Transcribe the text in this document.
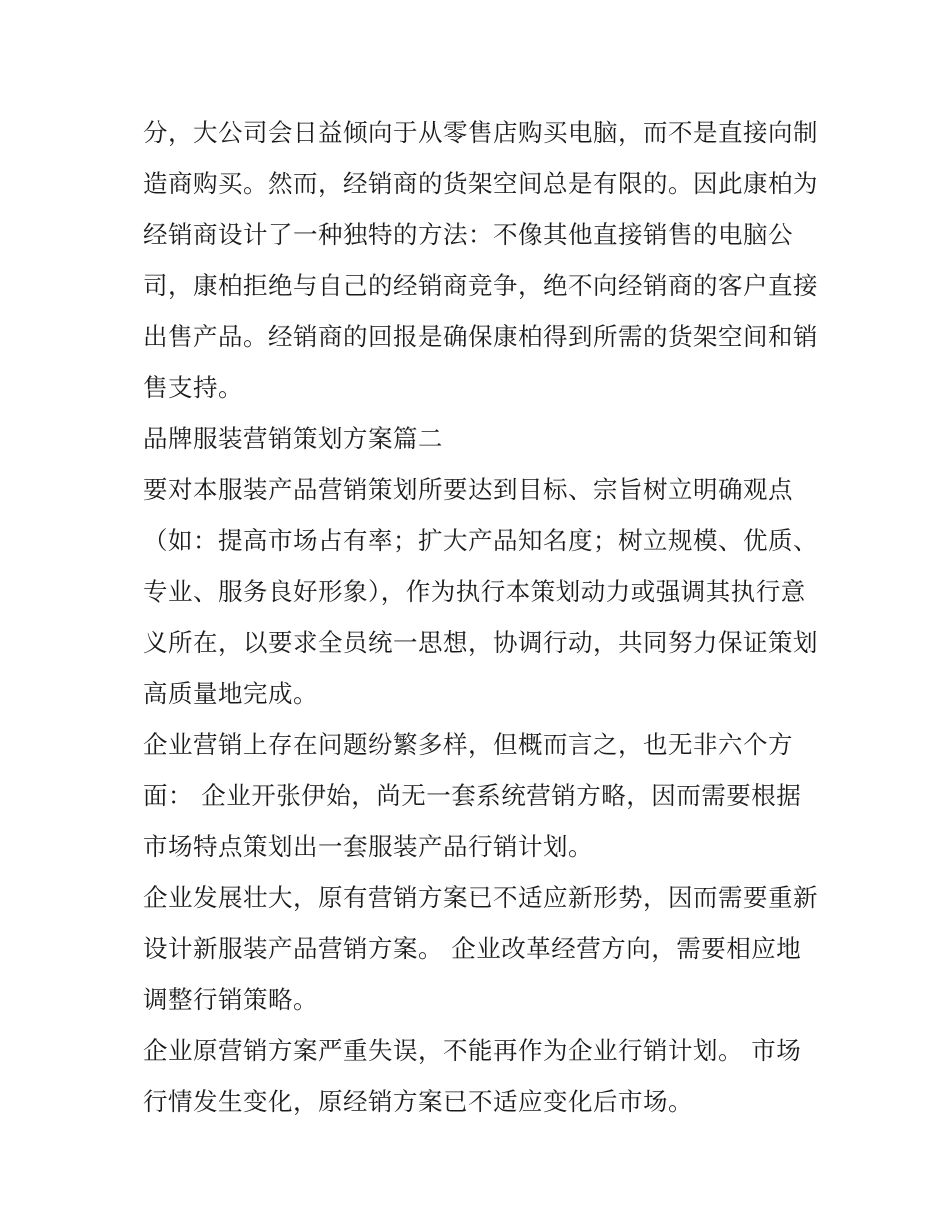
分，大公司会日益倾向于从零售店购买电脑，而不是直接向制
造商购买。然而，经销商的货架空间总是有限的。因此康柏为
经销商设计了一种独特的方法：不像其他直接销售的电脑公
司，康柏拒绝与自己的经销商竞争，绝不向经销商的客户直接
出售产品。经销商的回报是确保康柏得到所需的货架空间和销
售支持。

品牌服装营销策划方案篇二

要对本服装产品营销策划所要达到目标、宗旨树立明确观点
（如：提高市场占有率；扩大产品知名度；树立规模、优质、
专业、服务良好形象），作为执行本策划动力或强调其执行意
义所在，以要求全员统一思想，协调行动，共同努力保证策划
高质量地完成。

企业营销上存在问题纷繁多样，但概而言之，也无非六个方
面： 企业开张伊始，尚无一套系统营销方略，因而需要根据
市场特点策划出一套服装产品行销计划。

企业发展壮大，原有营销方案已不适应新形势，因而需要重新
设计新服装产品营销方案。 企业改革经营方向，需要相应地
调整行销策略。

企业原营销方案严重失误，不能再作为企业行销计划。 市场
行情发生变化，原经销方案已不适应变化后市场。
